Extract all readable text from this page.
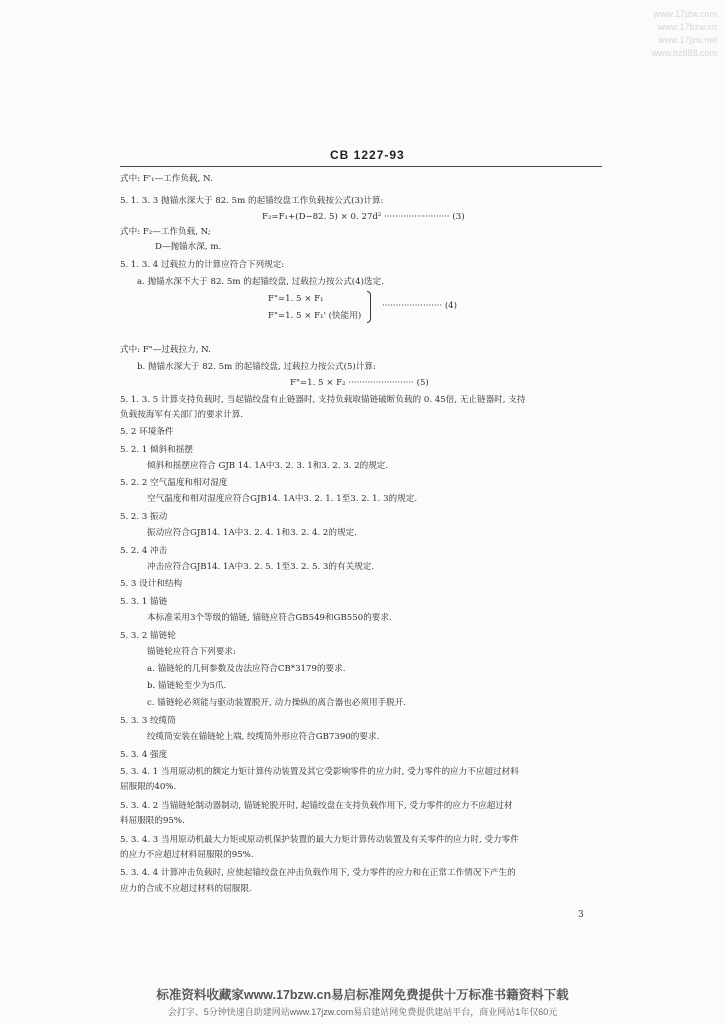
www.17jzw.com
www.17bzw.cn
www.17jzw.net
www.bz888.com
CB 1227-93
式中: F'₁—工作负载, N.
5. 1. 3. 3 抛锚水深大于 82. 5m 的起锚绞盘工作负载按公式(3)计算:
F₂=F₁+(D−82. 5) × 0. 27d² ························ (3)
式中: F₂—工作负载, N;
D—抛锚水深, m.
5. 1. 3. 4 过载拉力的计算应符合下列规定:
a. 抛锚水深不大于 82. 5m 的起锚绞盘, 过载拉力按公式(4)选定.
F"=1. 5 × F₁
F"=1. 5 × F₁' (快能用)
······················ (4)
式中: F"—过载拉力, N.
b. 抛锚水深大于 82. 5m 的起锚绞盘, 过载拉力按公式(5)计算:
F"=1. 5 × F₂ ························ (5)
5. 1. 3. 5 计算支持负载时, 当起锚绞盘有止链器时, 支持负载取锚链破断负载的 0. 45倍, 无止链器时, 支持
负载按海军有关部门的要求计算.
5. 2 环境条件
5. 2. 1 倾斜和摇摆
倾斜和摇摆应符合 GJB 14. 1A中3. 2. 3. 1和3. 2. 3. 2的规定.
5. 2. 2 空气温度和相对湿度
空气温度和相对湿度应符合GJB14. 1A中3. 2. 1. 1至3. 2. 1. 3的规定.
5. 2. 3 振动
振动应符合GJB14. 1A中3. 2. 4. 1和3. 2. 4. 2的规定.
5. 2. 4 冲击
冲击应符合GJB14. 1A中3. 2. 5. 1至3. 2. 5. 3的有关规定.
5. 3 设计和结构
5. 3. 1 锚链
本标准采用3个等级的锚链, 锚链应符合GB549和GB550的要求.
5. 3. 2 锚链轮
锚链轮应符合下列要求:
a. 锚链轮的几何参数及齿法应符合CB*3179的要求.
b. 锚链轮至少为5爪.
c. 锚链轮必须能与驱动装置脱开, 动力操纵的离合器也必须用手脱开.
5. 3. 3 绞缆筒
绞缆筒安装在锚链轮上端, 绞缆筒外形应符合GB7390的要求.
5. 3. 4 强度
5. 3. 4. 1 当用原动机的额定力矩计算传动装置及其它受影响零件的应力时, 受力零件的应力不应超过材料
屈服限的40%.
5. 3. 4. 2 当锚链轮制动器制动, 锚链轮脱开时, 起锚绞盘在支持负载作用下, 受力零件的应力不应超过材
料屈服限的95%.
5. 3. 4. 3 当用原动机最大力矩或原动机保护装置的最大力矩计算传动装置及有关零件的应力时, 受力零件
的应力不应超过材料屈服限的95%.
5. 3. 4. 4 计算冲击负载时, 应使起锚绞盘在冲击负载作用下, 受力零件的应力和在正常工作情况下产生的
应力的合成不应超过材料的屈服限.
3
标准资料收藏家www.17bzw.cn易启标准网免费提供十万标准书籍资料下载
会打字、5分钟快速自助建网站www.17jzw.com易启建站网免费提供建站平台，商业网站1年仅60元
